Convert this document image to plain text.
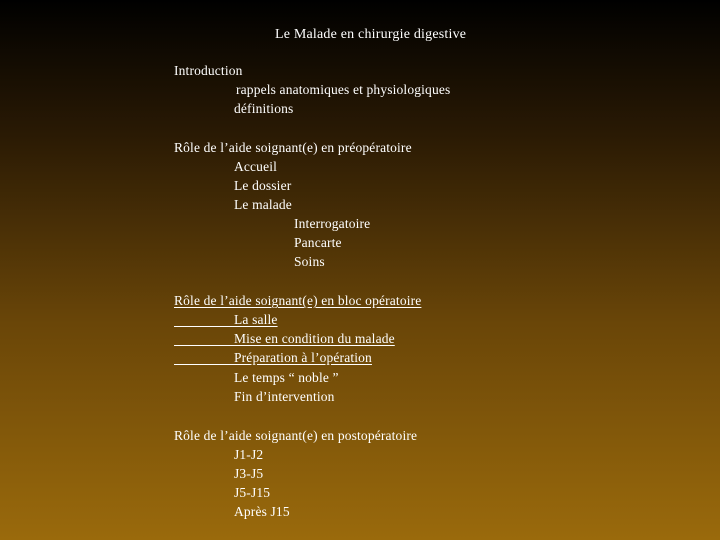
Le Malade en chirurgie digestive
Introduction
rappels anatomiques et physiologiques
définitions
Rôle de l’aide soignant(e) en préopératoire
Accueil
Le dossier
Le malade
Interrogatoire
Pancarte
Soins
Rôle de l’aide soignant(e) en bloc opératoire
La salle
Mise en condition du malade
Préparation à l’opération
Le temps “ noble ”
Fin d’intervention
Rôle de l’aide soignant(e) en postopératoire
J1-J2
J3-J5
J5-J15
Après J15
